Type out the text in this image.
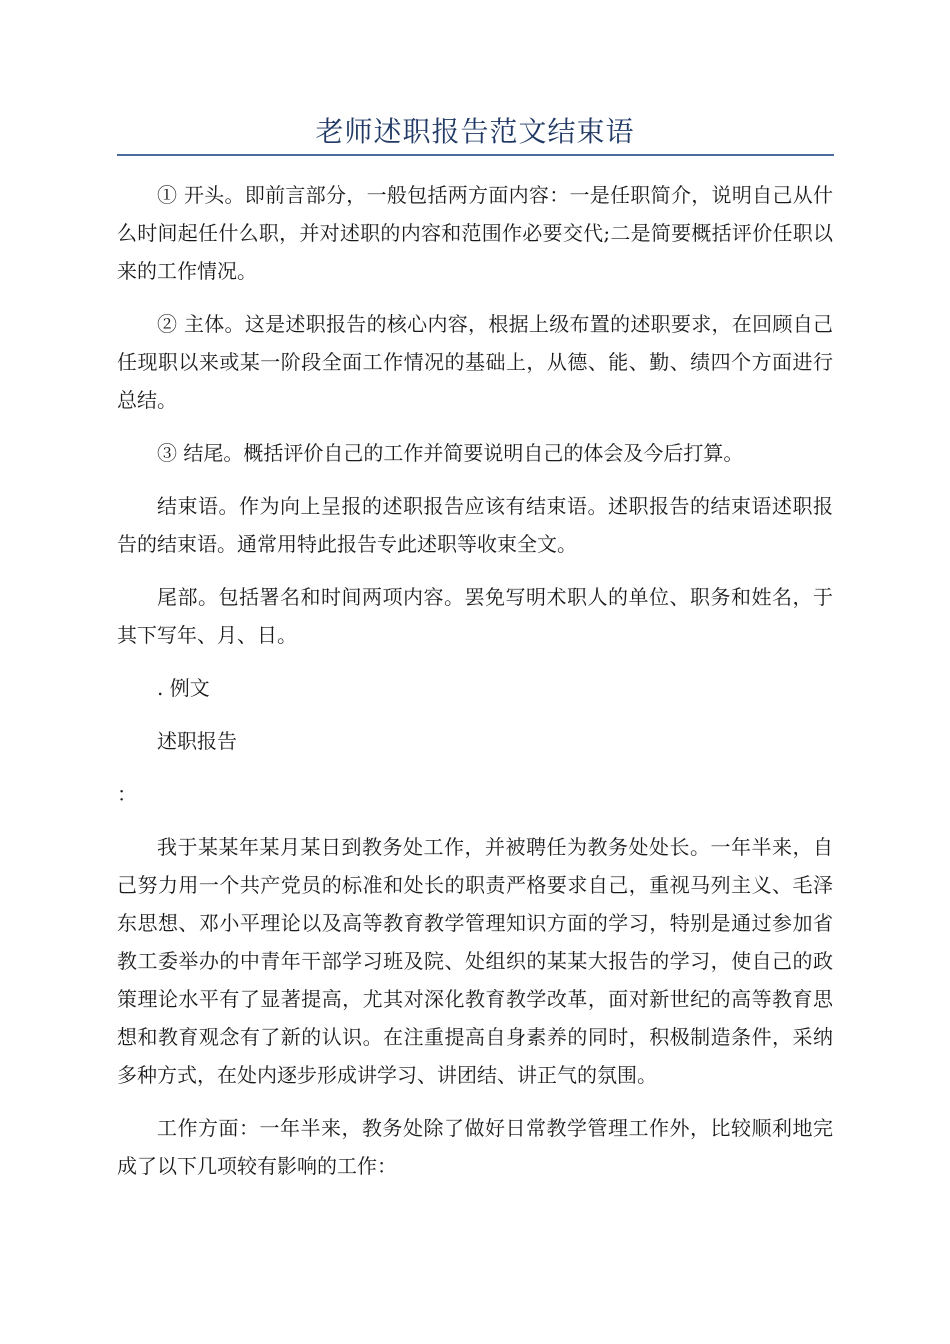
老师述职报告范文结束语

① 开头。即前言部分，一般包括两方面内容：一是任职简介，说明自己从什么时间起任什么职，并对述职的内容和范围作必要交代;二是简要概括评价任职以来的工作情况。

② 主体。这是述职报告的核心内容，根据上级布置的述职要求，在回顾自己任现职以来或某一阶段全面工作情况的基础上，从德、能、勤、绩四个方面进行总结。

③ 结尾。概括评价自己的工作并简要说明自己的体会及今后打算。

结束语。作为向上呈报的述职报告应该有结束语。述职报告的结束语述职报告的结束语。通常用特此报告专此述职等收束全文。

尾部。包括署名和时间两项内容。罢免写明术职人的单位、职务和姓名，于其下写年、月、日。

. 例文

述职报告

：

我于某某年某月某日到教务处工作，并被聘任为教务处处长。一年半来，自己努力用一个共产党员的标准和处长的职责严格要求自己，重视马列主义、毛泽东思想、邓小平理论以及高等教育教学管理知识方面的学习，特别是通过参加省教工委举办的中青年干部学习班及院、处组织的某某大报告的学习，使自己的政策理论水平有了显著提高，尤其对深化教育教学改革，面对新世纪的高等教育思想和教育观念有了新的认识。在注重提高自身素养的同时，积极制造条件，采纳多种方式，在处内逐步形成讲学习、讲团结、讲正气的氛围。

工作方面：一年半来，教务处除了做好日常教学管理工作外，比较顺利地完成了以下几项较有影响的工作：
